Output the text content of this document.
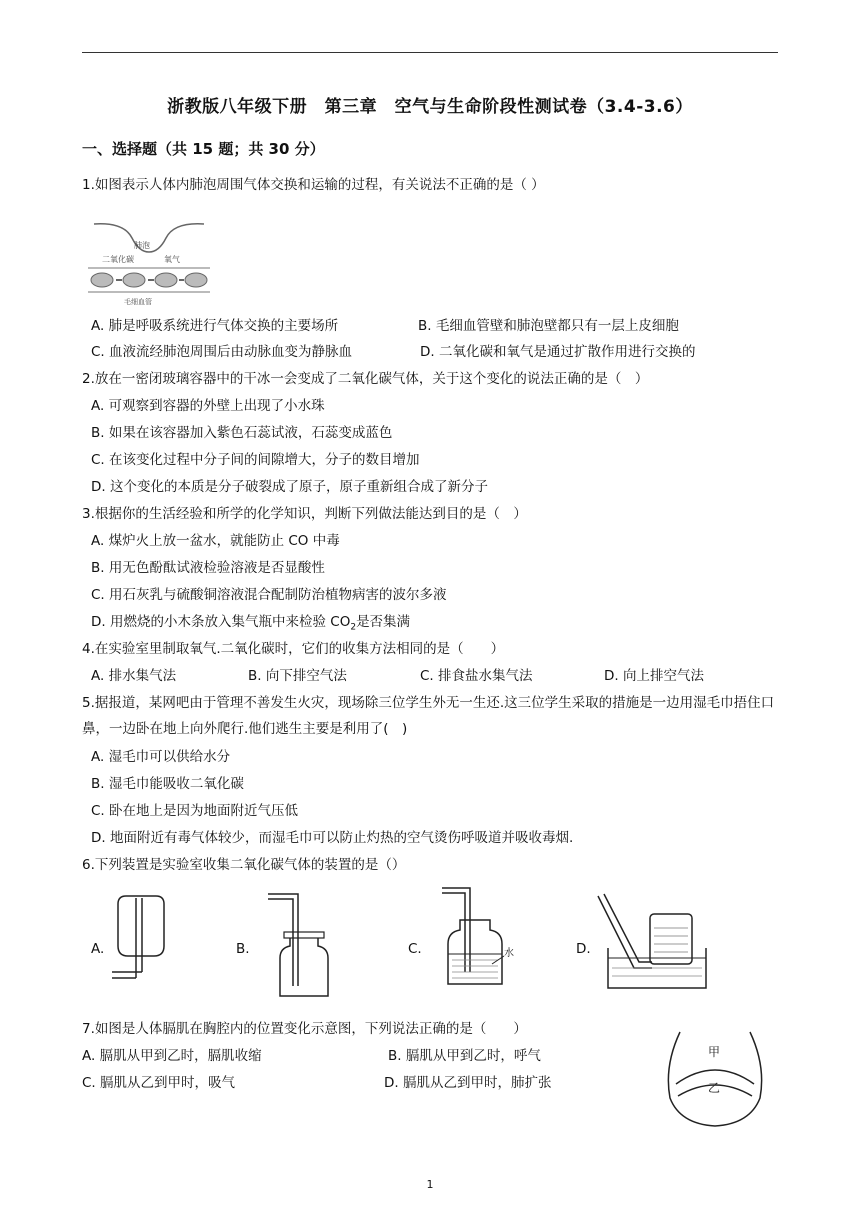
浙教版八年级下册　第三章　空气与生命阶段性测试卷（3.4-3.6）
一、选择题（共 15 题；共 30 分）
1.如图表示人体内肺泡周围气体交换和运输的过程，有关说法不正确的是（ ）
肺泡
二氧化碳	氧气
毛细血管
A. 肺是呼吸系统进行气体交换的主要场所	B. 毛细血管壁和肺泡壁都只有一层上皮细胞
C. 血液流经肺泡周围后由动脉血变为静脉血	D. 二氧化碳和氧气是通过扩散作用进行交换的
2.放在一密闭玻璃容器中的干冰一会变成了二氧化碳气体，关于这个变化的说法正确的是（　）
A. 可观察到容器的外壁上出现了小水珠
B. 如果在该容器加入紫色石蕊试液，石蕊变成蓝色
C. 在该变化过程中分子间的间隙增大，分子的数目增加
D. 这个变化的本质是分子破裂成了原子，原子重新组合成了新分子
3.根据你的生活经验和所学的化学知识，判断下列做法能达到目的是（　）
A. 煤炉火上放一盆水，就能防止 CO 中毒
B. 用无色酚酞试液检验溶液是否显酸性
C. 用石灰乳与硫酸铜溶液混合配制防治植物病害的波尔多液
D. 用燃烧的小木条放入集气瓶中来检验 $CO_2$是否集满
4.在实验室里制取氧气.二氧化碳时，它们的收集方法相同的是（　　）
A. 排水集气法	B. 向下排空气法	C. 排食盐水集气法	D. 向上排空气法
5.据报道，某网吧由于管理不善发生火灾，现场除三位学生外无一生还.这三位学生采取的措施是一边用湿毛巾捂住口鼻，一边卧在地上向外爬行.他们逃生主要是利用了(　)
A. 湿毛巾可以供给水分
B. 湿毛巾能吸收二氧化碳
C. 卧在地上是因为地面附近气压低
D. 地面附近有毒气体较少，而湿毛巾可以防止灼热的空气烫伤呼吸道并吸收毒烟.
6.下列装置是实验室收集二氧化碳气体的装置的是（）
A.	B.	C.	水	D.
7.如图是人体膈肌在胸腔内的位置变化示意图，下列说法正确的是（　　）
A. 膈肌从甲到乙时，膈肌收缩	B. 膈肌从甲到乙时，呼气
C. 膈肌从乙到甲时，吸气	D. 膈肌从乙到甲时，肺扩张
甲
乙
1
